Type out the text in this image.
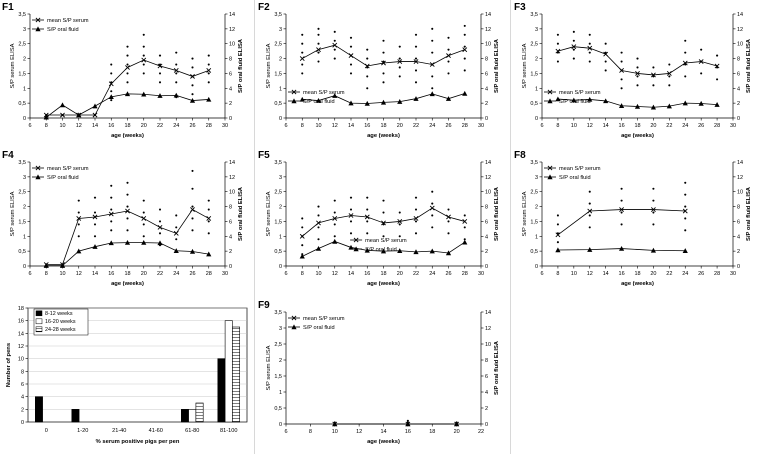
F1
0
0,5
1
1,5
2
2,5
3
3,5
0
2
4
6
8
10
12
14
6 8 10 12 14 16 18 20 22 24 26 28 30
S/P serum ELISA	S/P oral fluid ELISA
age (weeks)
mean S/P serum
S/P oral fluid
F2
0
0,5
1
1,5
2
2,5
3
3,5
0
2
4
6
8
10
12
14
6 8 10 12 14 16 18 20 22 24 26 28 30
S/P serum ELISA	S/P oral fluid ELISA
age (weeks)
mean S/P serum
S/P oral fluid
F3
0
0,5
1
1,5
2
2,5
3
3,5
0
2
4
6
8
10
12
14
6 8 10 12 14 16 18 20 22 24 26 28 30
S/P serum ELISA	S/P oral fluid ELISA
age (weeks)
mean S/P serum
S/P oral fluid
F4
0
0,5
1
1,5
2
2,5
3
3,5
0
2
4
6
8
10
12
14
6 8 10 12 14 16 18 20 22 24 26 28 30
S/P serum ELISA	S/P oral fluid ELISA
age (weeks)
mean S/P serum
S/P oral fluid
F5
0
0,5
1
1,5
2
2,5
3
3,5
0
2
4
6
8
10
12
14
6 8 10 12 14 16 18 20 22 24 26 28 30
S/P serum ELISA	S/P oral fluid ELISA
age (weeks)
mean S/P serum
S/P oral fluid
F8
0
0,5
1
1,5
2
2,5
3
3,5
0
2
4
6
8
10
12
14
6 8 10 12 14 16 18 20 22 24 26 28 30
S/P serum ELISA	S/P oral fluid ELISA
age (weeks)
mean S/P serum
S/P oral fluid
0
2
4
6
8
10
12
14
16
18
0	1-20	21-40	41-60	61-80	81-100
Number of pens
% serum positive pigs per pen
8-12 weeks
16-20 weeks
24-28 weeks
F9
0
0,5
1
1,5
2
2,5
3
3,5
0
2
4
6
8
10
12
14
6	8	10	12	14	16	18	20	22
S/P serum ELISA	S/P oral fluid ELISA
age (weeks)
mean S/P serum
S/P oral fluid
